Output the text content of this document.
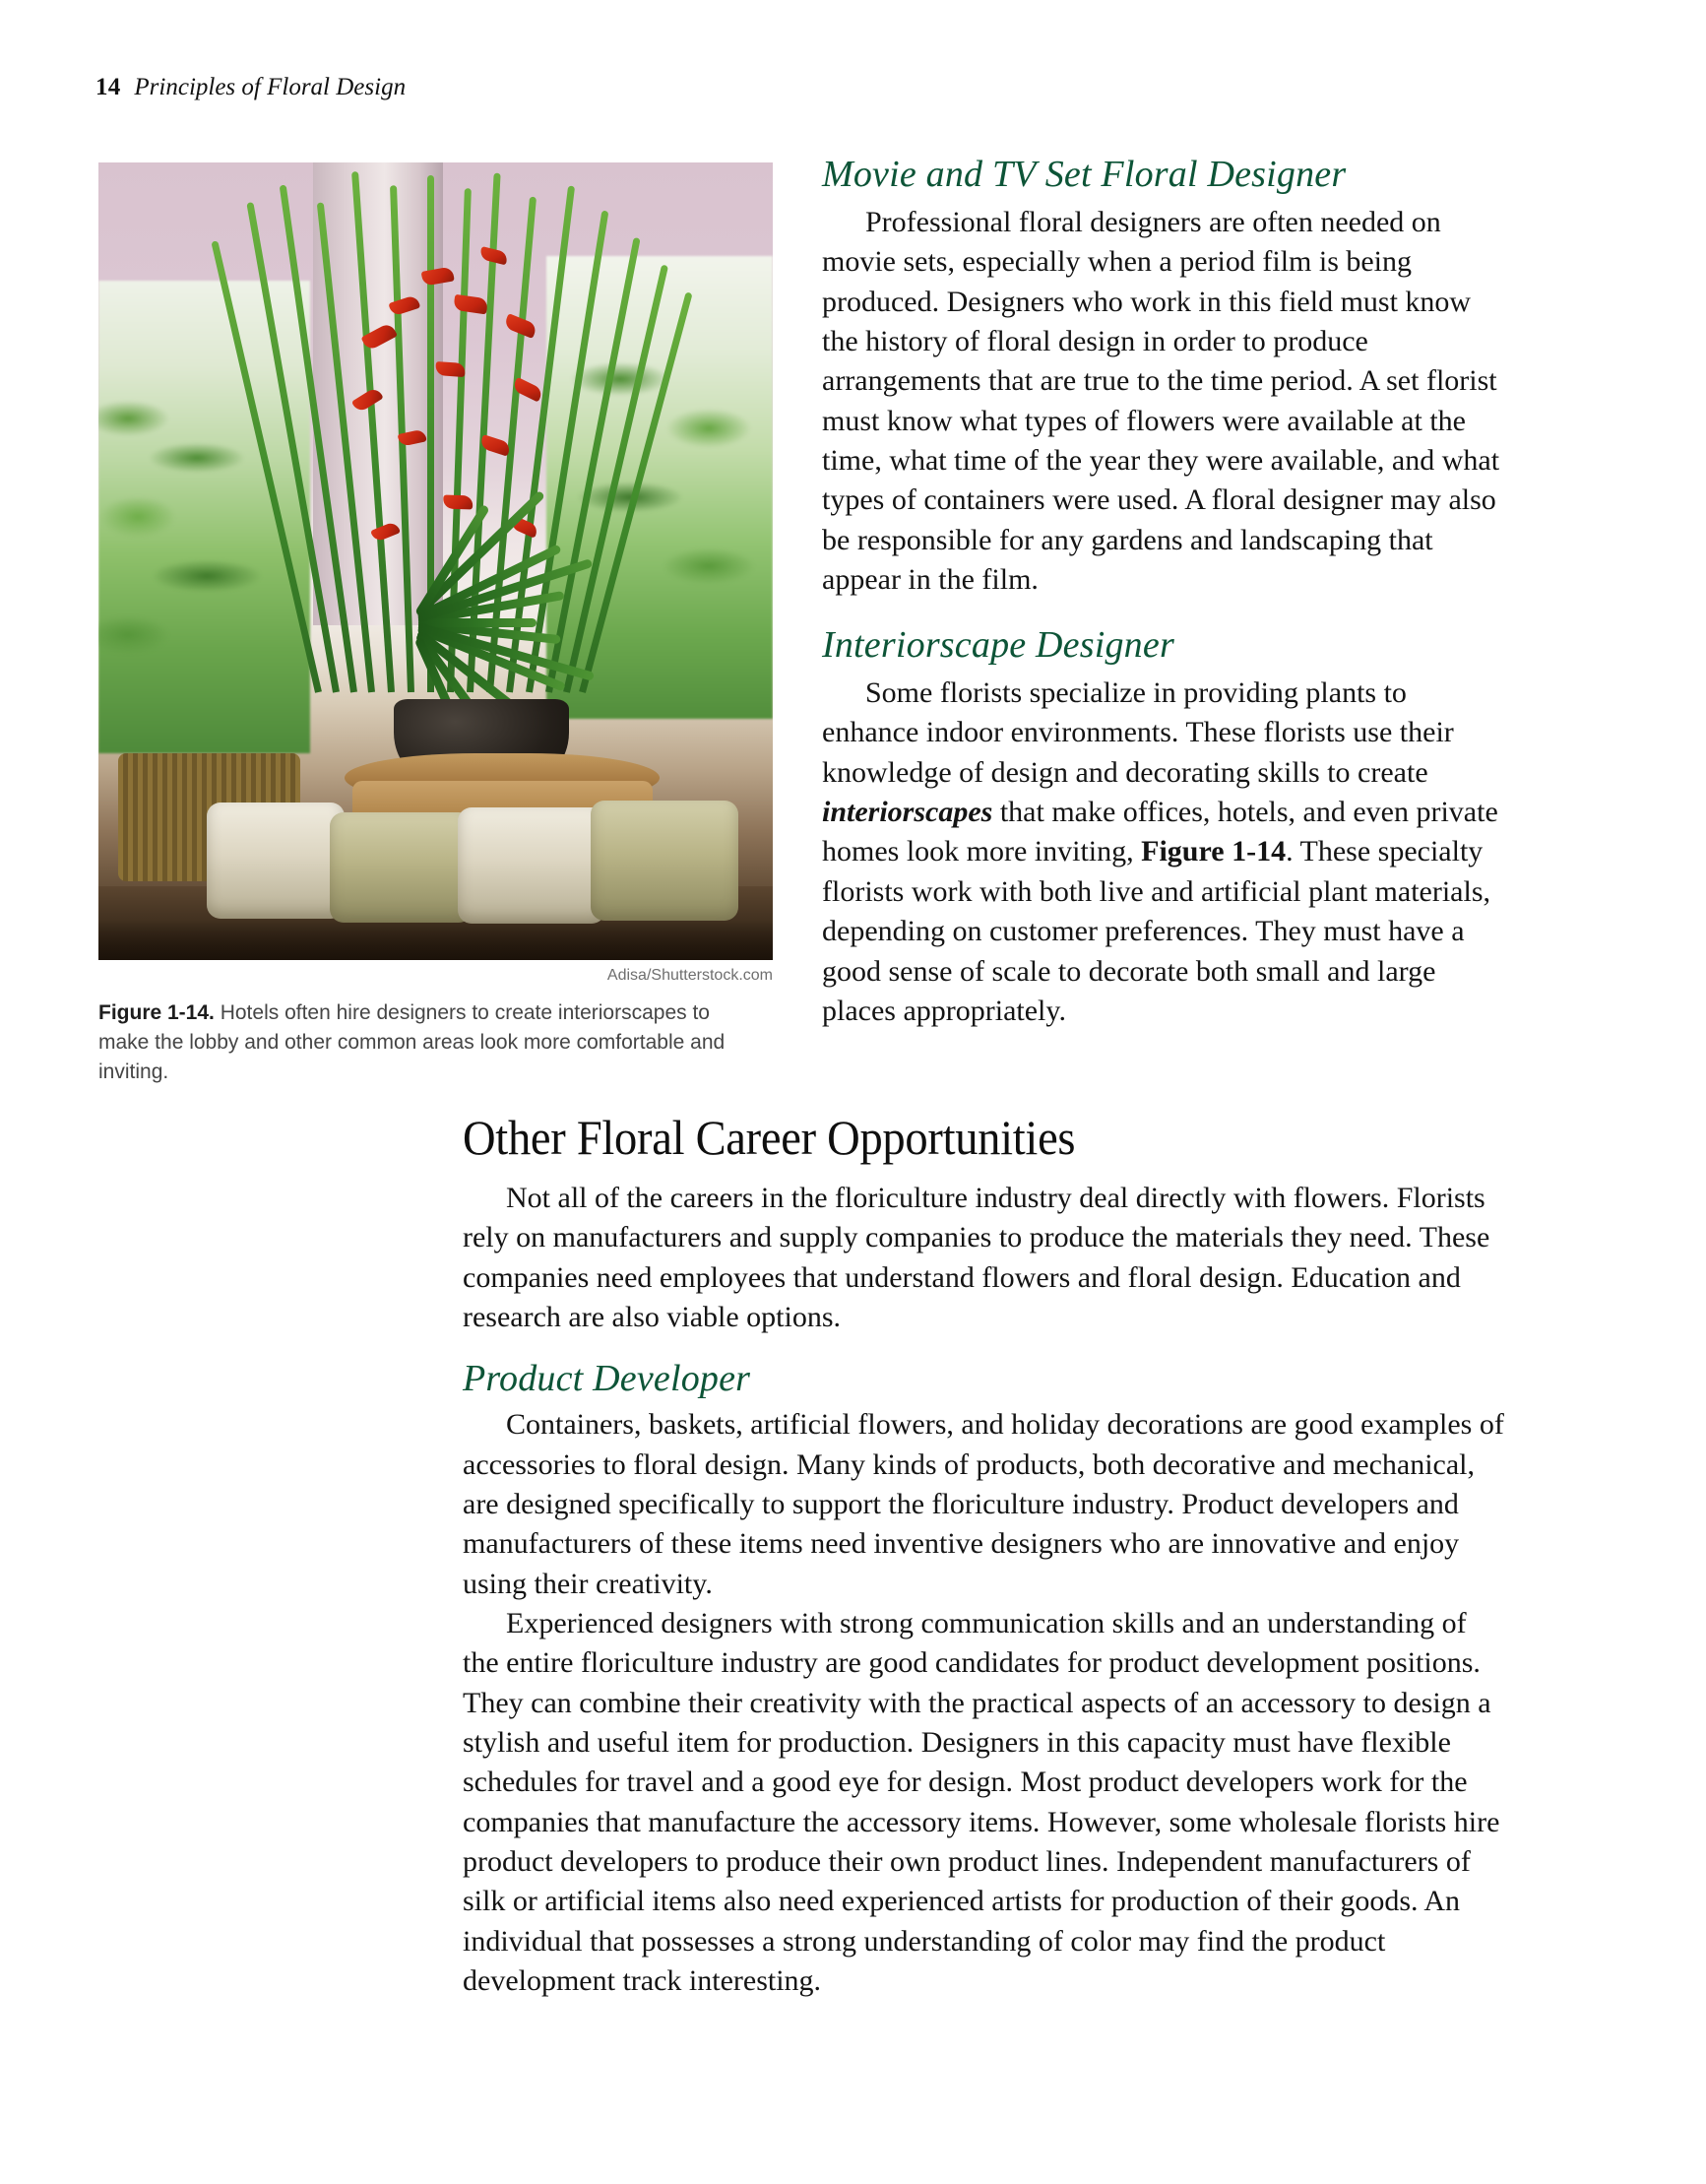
14 Principles of Floral Design
Adisa/Shutterstock.com
Figure 1-14. Hotels often hire designers to create interiorscapes to make the lobby and other common areas look more comfortable and inviting.
Movie and TV Set Floral Designer

Professional floral designers are often needed on movie sets, especially when a period film is being produced. Designers who work in this field must know the history of floral design in order to produce arrangements that are true to the time period. A set florist must know what types of flowers were available at the time, what time of the year they were available, and what types of containers were used. A floral designer may also be responsible for any gardens and landscaping that appear in the film.

Interiorscape Designer

Some florists specialize in providing plants to enhance indoor environments. These florists use their knowledge of design and decorating skills to create interiorscapes that make offices, hotels, and even private homes look more inviting, Figure 1-14. These specialty florists work with both live and artificial plant materials, depending on customer preferences. They must have a good sense of scale to decorate both small and large places appropriately.

Other Floral Career Opportunities

Not all of the careers in the floriculture industry deal directly with flowers. Florists rely on manufacturers and supply companies to produce the materials they need. These companies need employees that understand flowers and floral design. Education and research are also viable options.

Product Developer

Containers, baskets, artificial flowers, and holiday decorations are good examples of accessories to floral design. Many kinds of products, both decorative and mechanical, are designed specifically to support the floriculture industry. Product developers and manufacturers of these items need inventive designers who are innovative and enjoy using their creativity.

Experienced designers with strong communication skills and an understanding of the entire floriculture industry are good candidates for product development positions. They can combine their creativity with the practical aspects of an accessory to design a stylish and useful item for production. Designers in this capacity must have flexible schedules for travel and a good eye for design. Most product developers work for the companies that manufacture the accessory items. However, some wholesale florists hire product developers to produce their own product lines. Independent manufacturers of silk or artificial items also need experienced artists for production of their goods. An individual that possesses a strong understanding of color may find the product development track interesting.
